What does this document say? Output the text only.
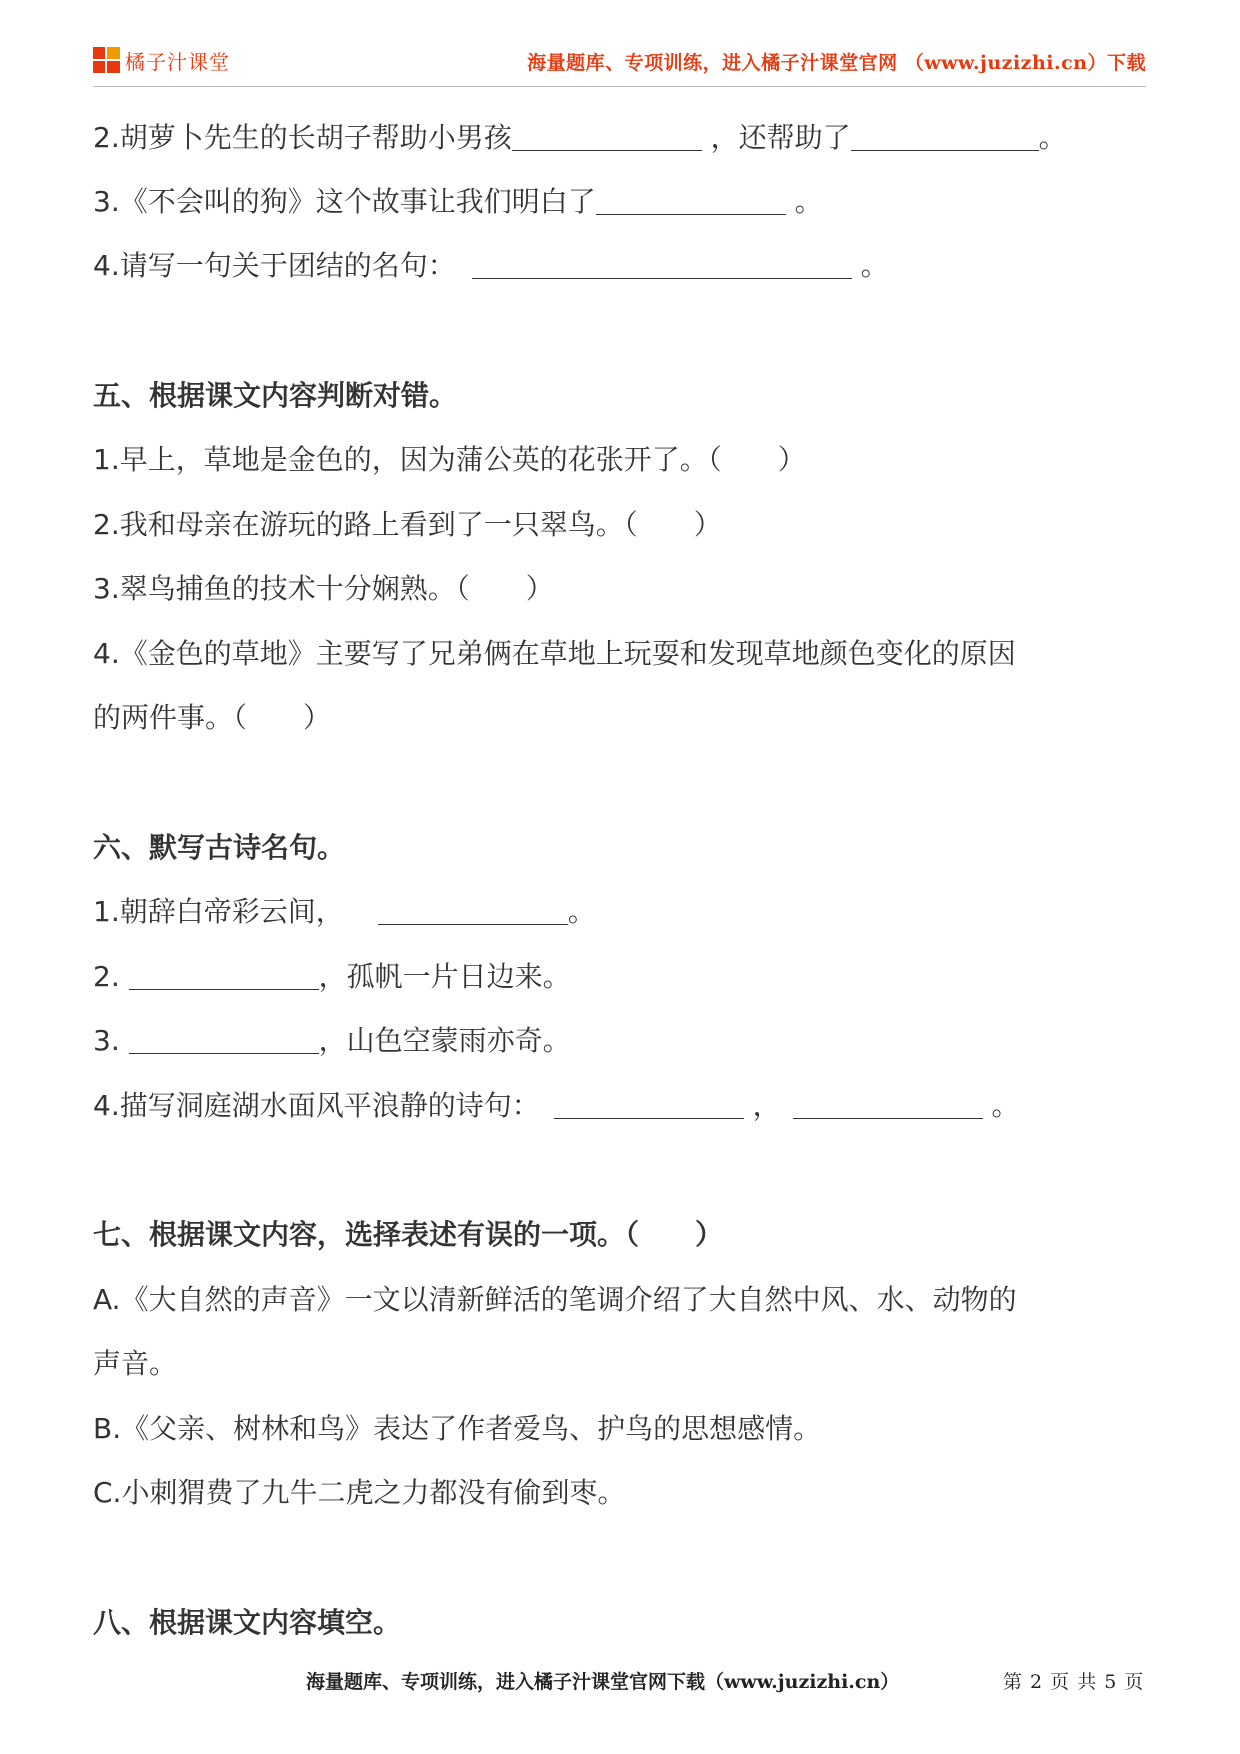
橘子汁课堂	海量题库、专项训练，进入橘子汁课堂官网 （www.juzizhi.cn）下载
2.胡萝卜先生的长胡子帮助小男孩	，还帮助了	。
3.《不会叫的狗》这个故事让我们明白了	。
4.请写一句关于团结的名句：	。
五、根据课文内容判断对错。
1.早上，草地是金色的，因为蒲公英的花张开了。（　　）
2.我和母亲在游玩的路上看到了一只翠鸟。（　　）
3.翠鸟捕鱼的技术十分娴熟。（　　）
4.《金色的草地》主要写了兄弟俩在草地上玩耍和发现草地颜色变化的原因
的两件事。（　　）
六、默写古诗名句。
1.朝辞白帝彩云间，	。
2.	，孤帆一片日边来。
3.	，山色空蒙雨亦奇。
4.描写洞庭湖水面风平浪静的诗句：	，	。
七、根据课文内容，选择表述有误的一项。（　　）
A.《大自然的声音》一文以清新鲜活的笔调介绍了大自然中风、水、动物的
声音。
B.《父亲、树林和鸟》表达了作者爱鸟、护鸟的思想感情。
C.小刺猬费了九牛二虎之力都没有偷到枣。
八、根据课文内容填空。
海量题库、专项训练，进入橘子汁课堂官网下载（www.juzizhi.cn）	第 2 页 共 5 页
